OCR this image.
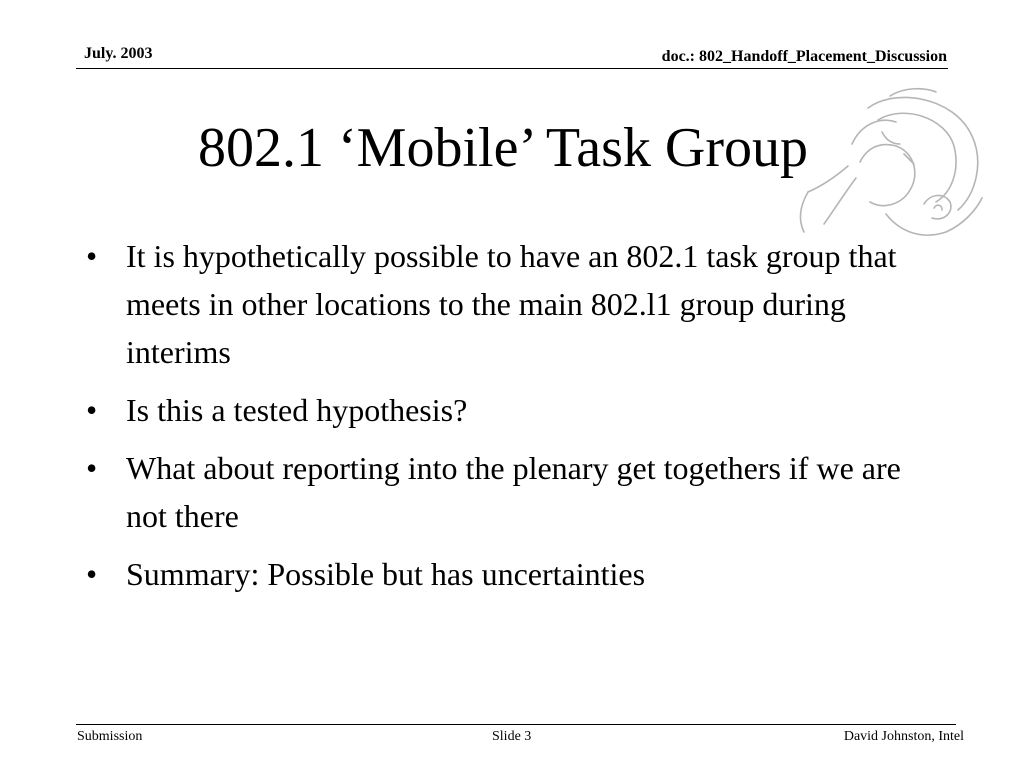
July. 2003	doc.: 802_Handoff_Placement_Discussion
802.1 ‘Mobile’ Task Group
• It is hypothetically possible to have an 802.1 task group that meets in other locations to the main 802.l1 group during interims
• Is this a tested hypothesis?
• What about reporting into the plenary get togethers if we are not there
• Summary: Possible but has uncertainties
Submission	Slide 3	David Johnston, Intel
